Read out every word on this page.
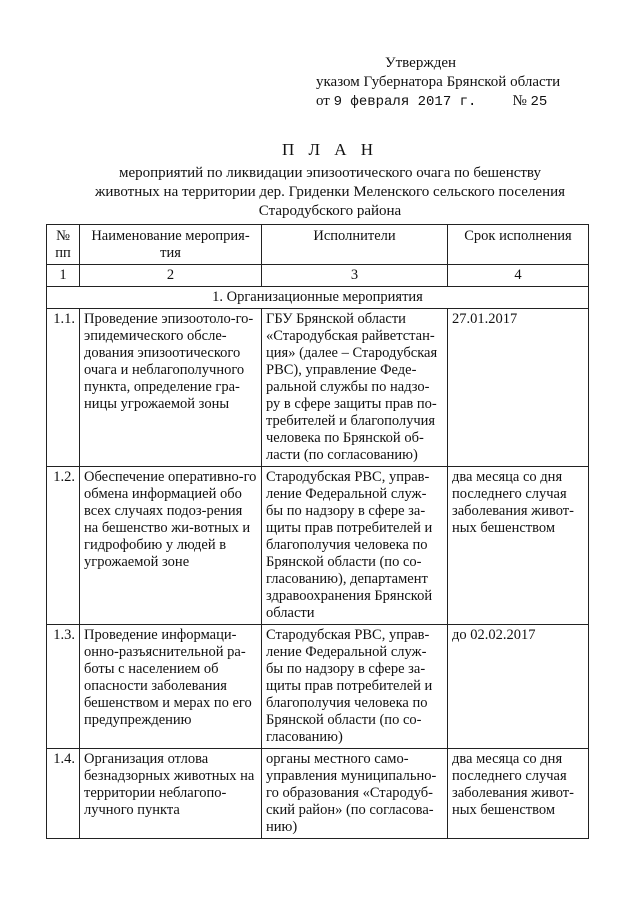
Утвержден
указом Губернатора Брянской области
от 9 февраля 2017 г. № 25
П Л А Н
мероприятий по ликвидации эпизоотического очага по бешенству
животных на территории дер. Гриденки Меленского сельского поселения
Стародубского района
№ пп	Наименование мероприя-тия	Исполнители	Срок исполнения
1	2	3	4
1. Организационные мероприятия			
1.1.	Проведение эпизоотоло-го-эпидемического обсле-дования эпизоотического очага и неблагополучного пункта, определение гра-ницы угрожаемой зоны	ГБУ Брянской области «Стародубская райветстан-ция» (далее – Стародубская РВС), управление Феде-ральной службы по надзо-ру в сфере защиты прав по-требителей и благополучия человека по Брянской об-ласти (по согласованию)	27.01.2017
1.2.	Обеспечение оперативно-го обмена информацией обо всех случаях подоз-рения на бешенство жи-вотных и гидрофобию у людей в угрожаемой зоне	Стародубская РВС, управ-ление Федеральной служ-бы по надзору в сфере за-щиты прав потребителей и благополучия человека по Брянской области (по со-гласованию), департамент здравоохранения Брянской области	два месяца со дня последнего случая заболевания живот-ных бешенством
1.3.	Проведение информаци-онно-разъяснительной ра-боты с населением об опасности заболевания бешенством и мерах по его предупреждению	Стародубская РВС, управ-ление Федеральной служ-бы по надзору в сфере за-щиты прав потребителей и благополучия человека по Брянской области (по со-гласованию)	до 02.02.2017
1.4.	Организация отлова безнадзорных животных на территории неблагопо-лучного пункта	органы местного само-управления муниципально-го образования «Стародуб-ский район» (по согласова-нию)	два месяца со дня последнего случая заболевания живот-ных бешенством
